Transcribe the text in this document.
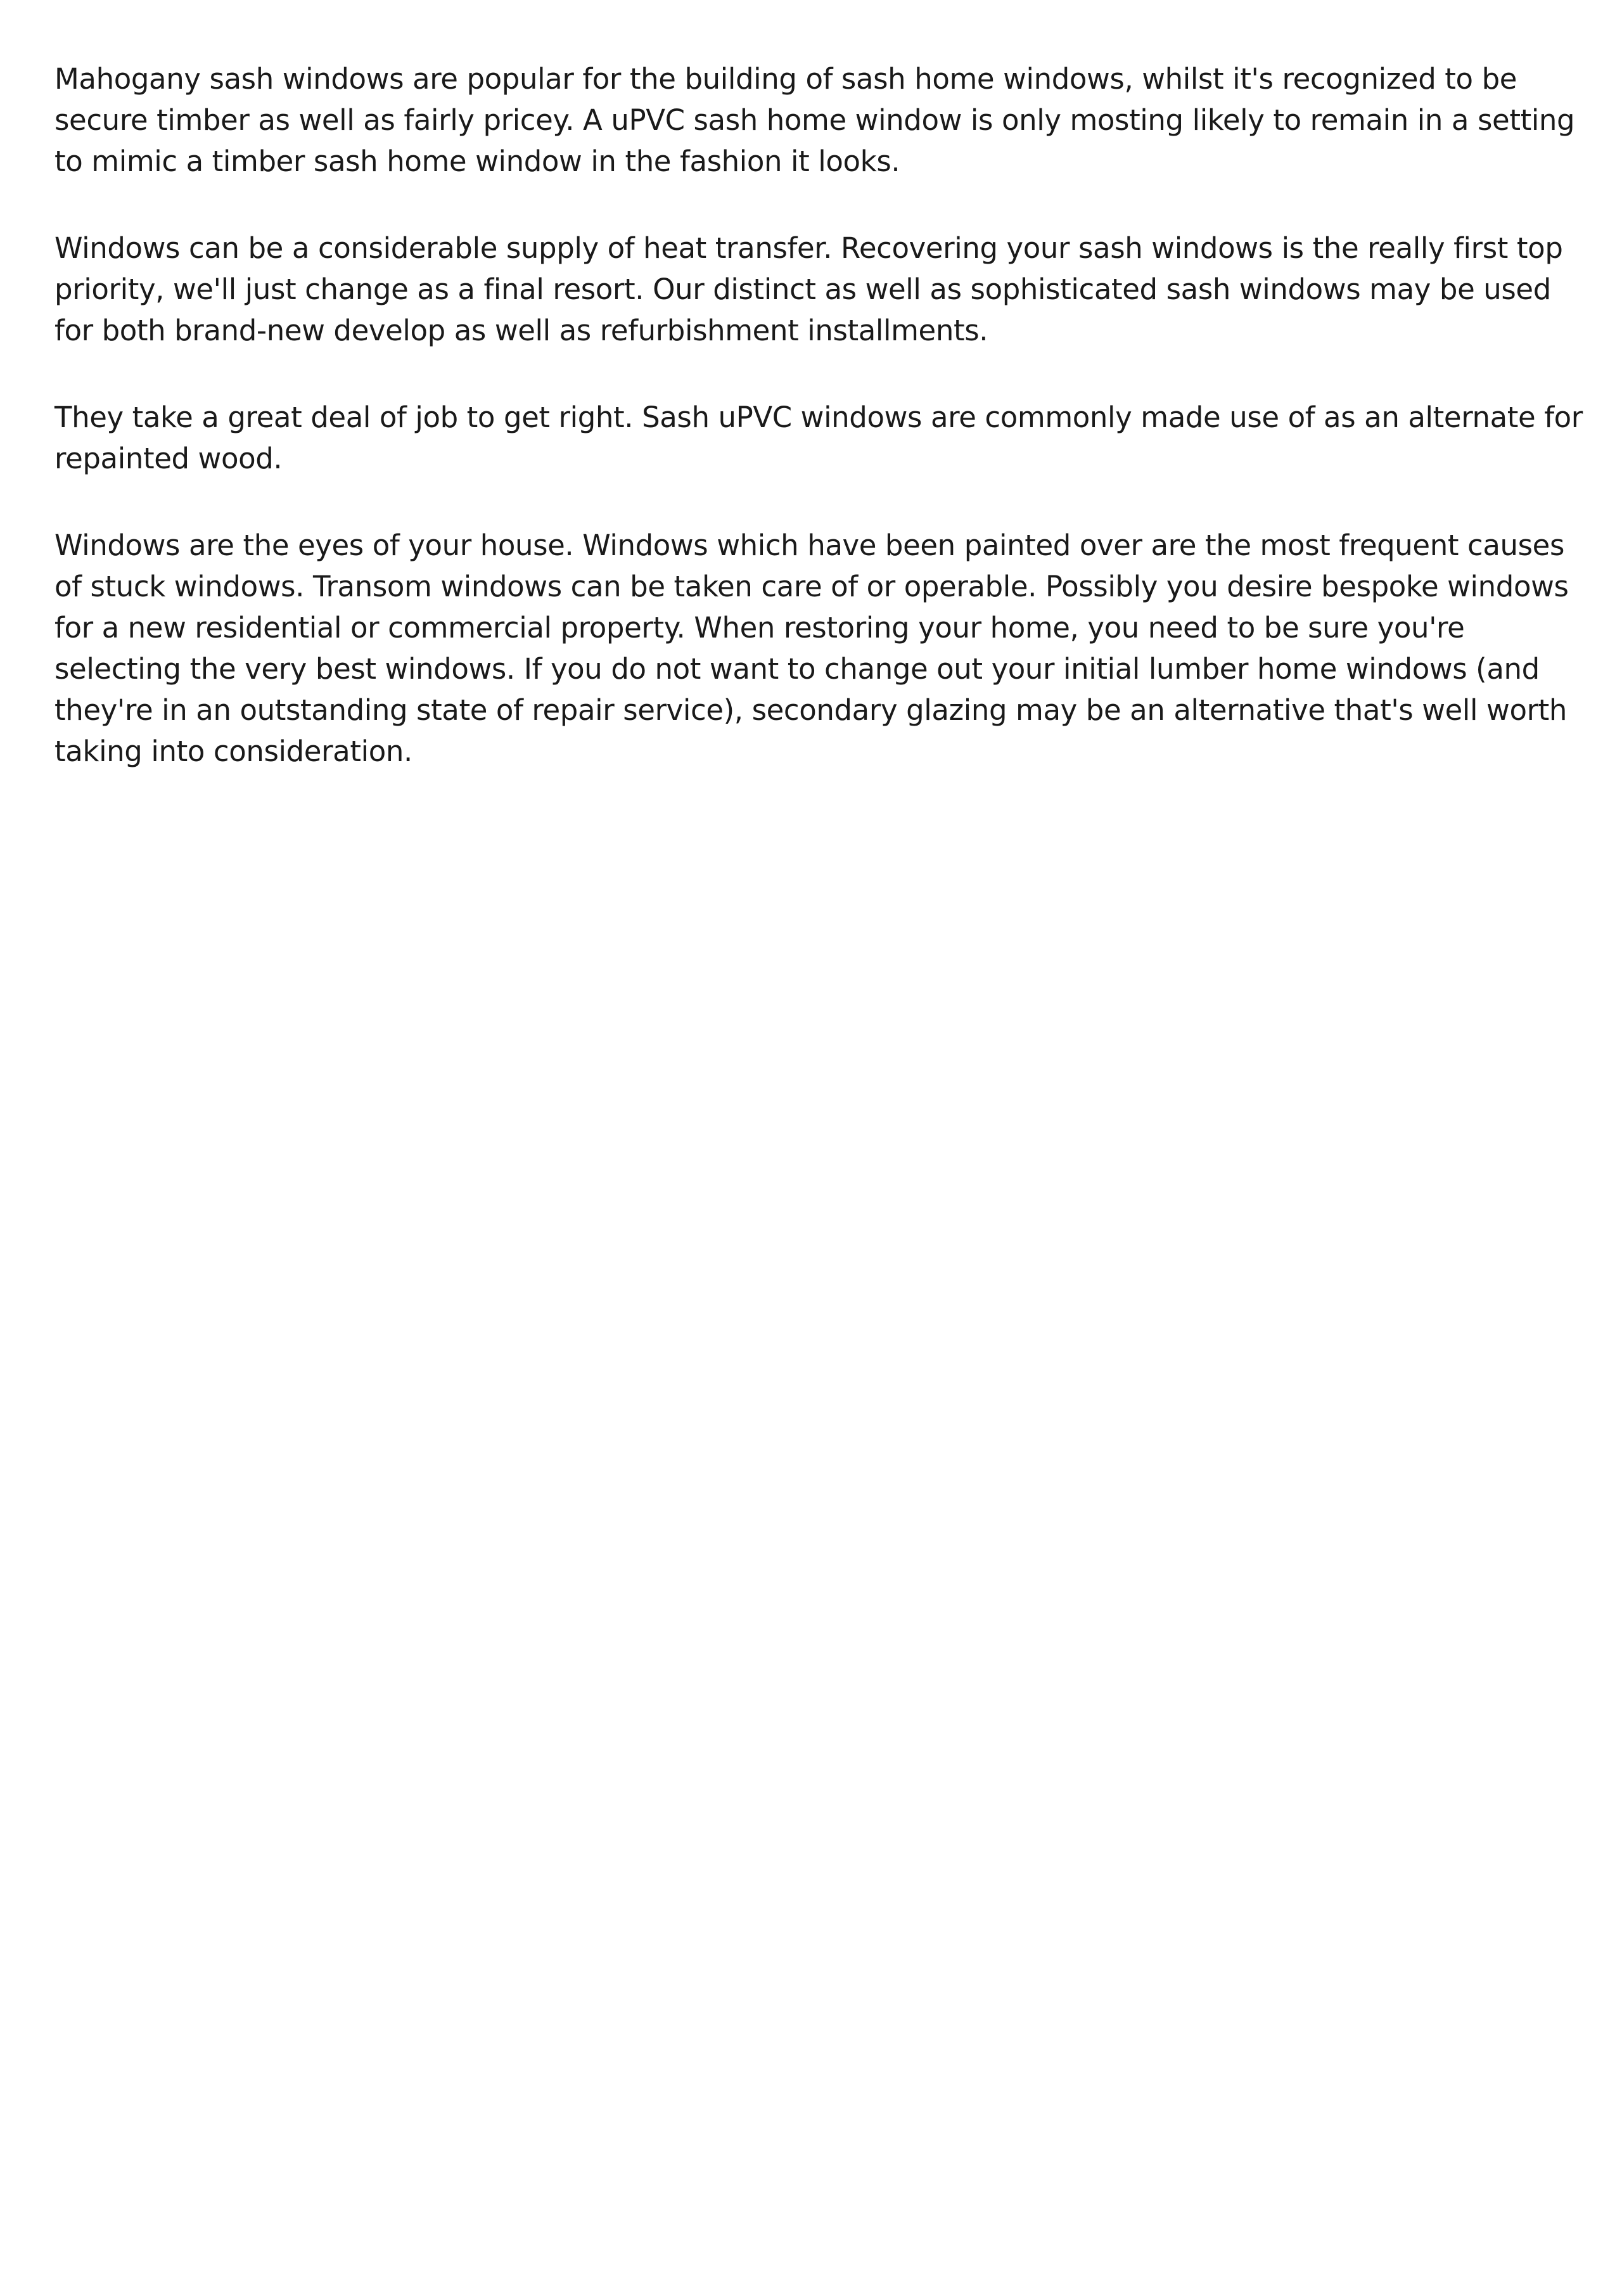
Mahogany sash windows are popular for the building of sash home windows, whilst it's recognized to be secure timber as well as fairly pricey. A uPVC sash home window is only mosting likely to remain in a setting to mimic a timber sash home window in the fashion it looks.

Windows can be a considerable supply of heat transfer. Recovering your sash windows is the really first top priority, we'll just change as a final resort. Our distinct as well as sophisticated sash windows may be used for both brand-new develop as well as refurbishment installments.

They take a great deal of job to get right. Sash uPVC windows are commonly made use of as an alternate for repainted wood.

Windows are the eyes of your house. Windows which have been painted over are the most frequent causes of stuck windows. Transom windows can be taken care of or operable. Possibly you desire bespoke windows for a new residential or commercial property. When restoring your home, you need to be sure you're selecting the very best windows. If you do not want to change out your initial lumber home windows (and they're in an outstanding state of repair service), secondary glazing may be an alternative that's well worth taking into consideration.
